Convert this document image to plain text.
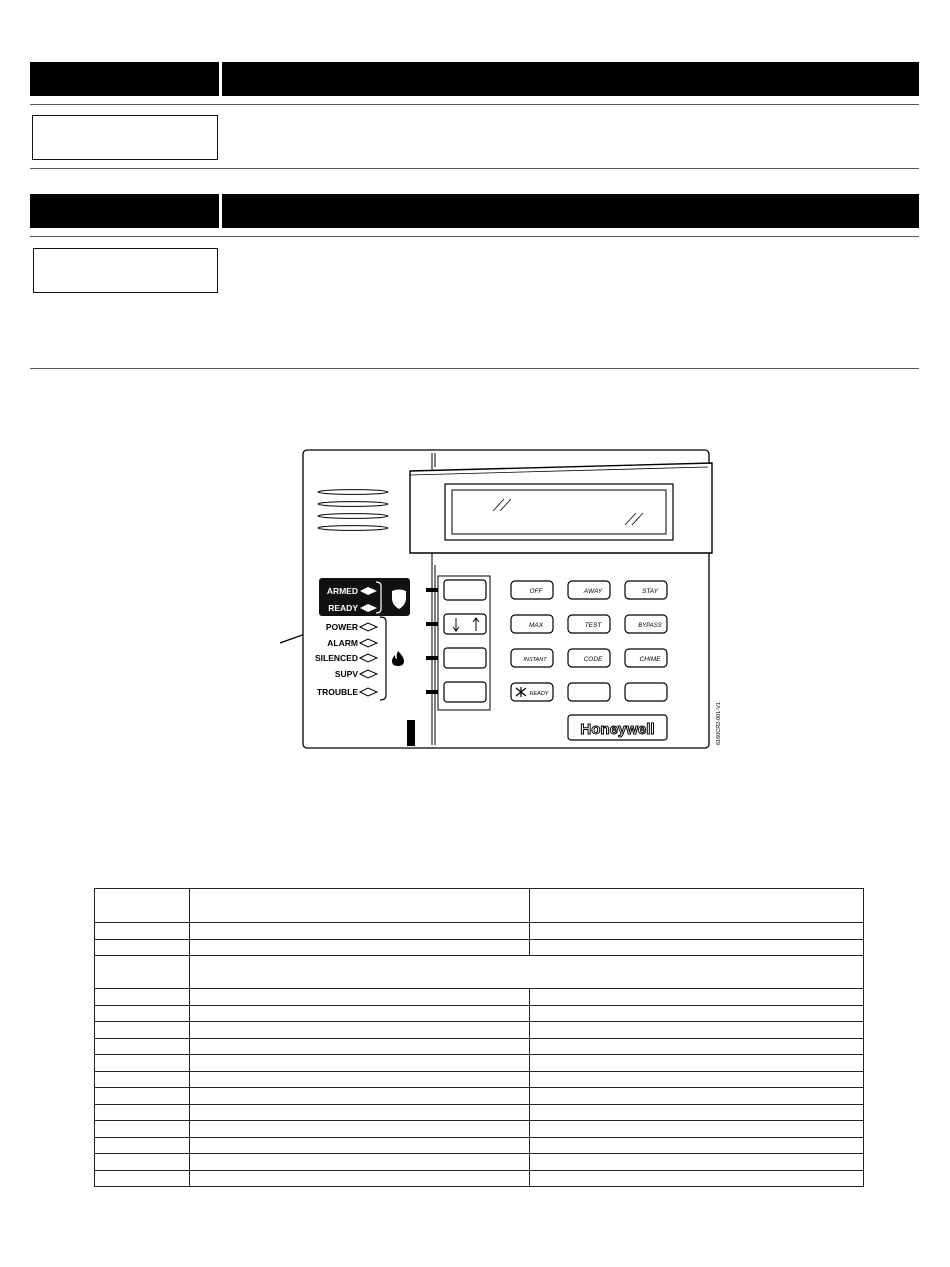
ARMED
READY
POWER
ALARM
SILENCED
SUPV
TROUBLE
OFF	AWAY	STAY
MAX	TEST	BYPASS
INSTANT	CODE	CHIME
READY
Honeywell	6160CR2-001-V1
